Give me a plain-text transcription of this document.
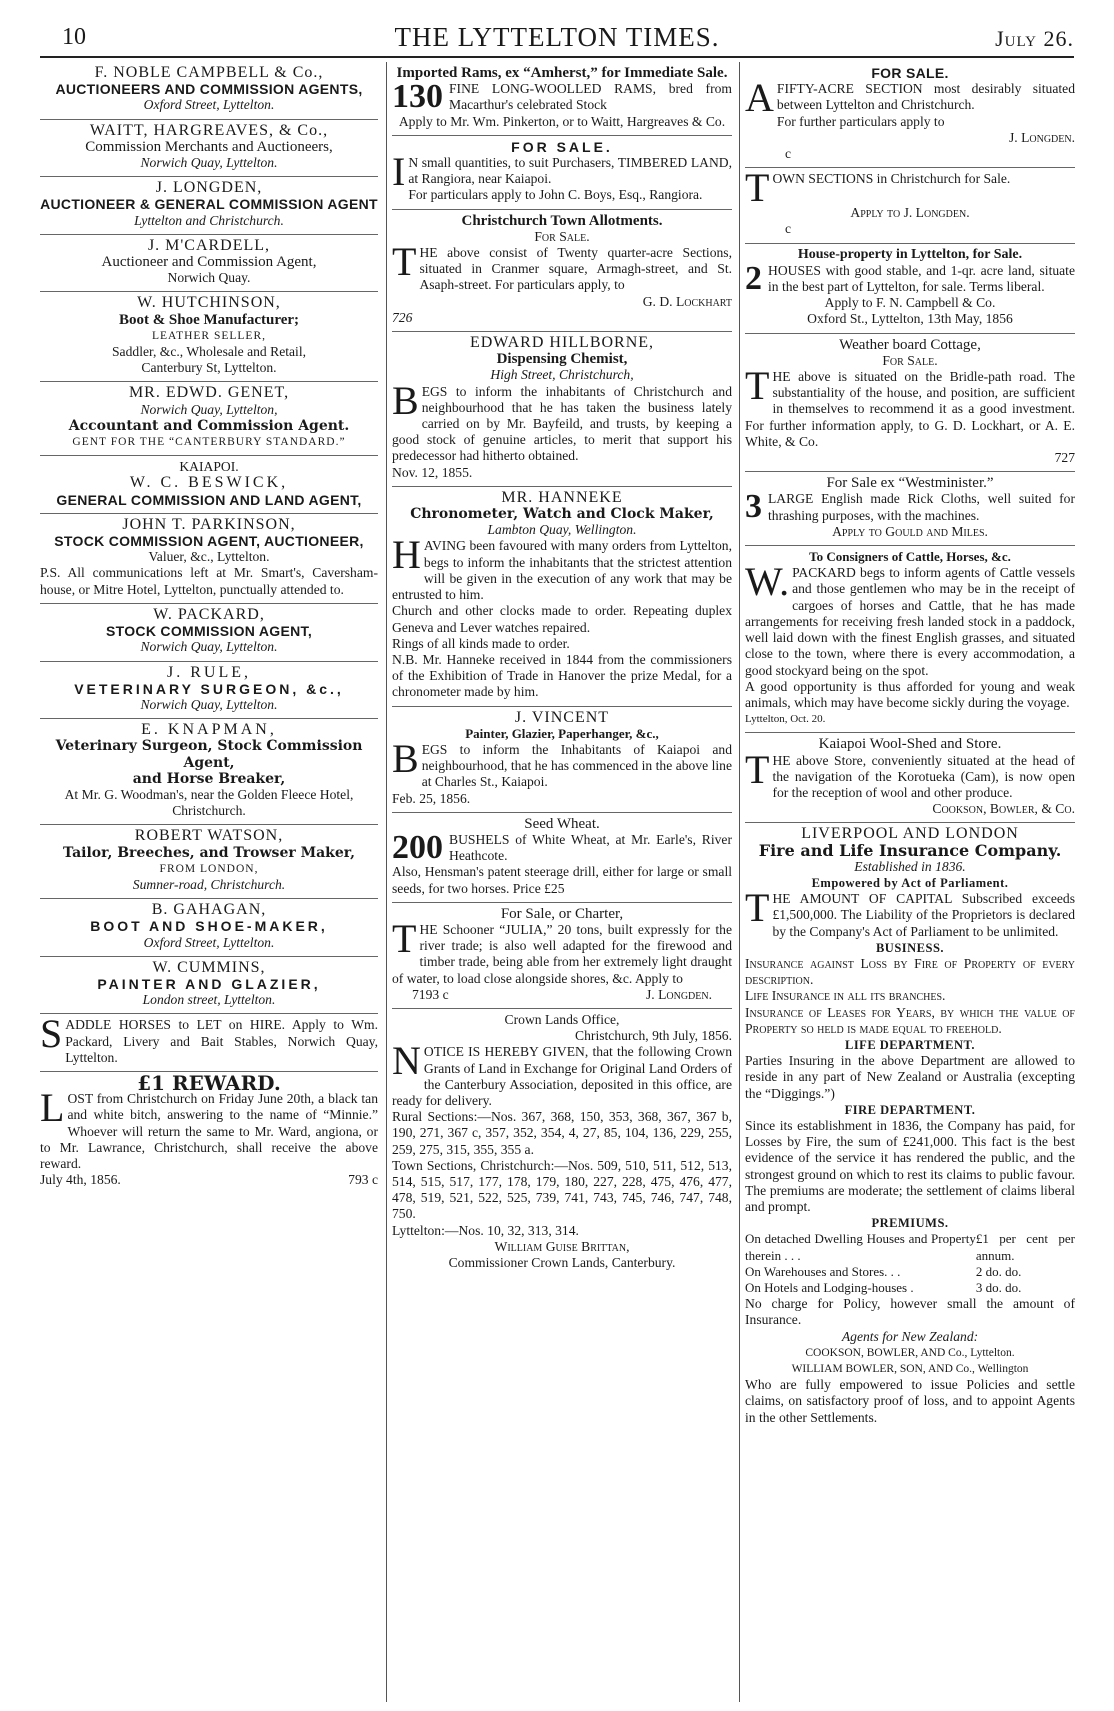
10	THE LYTTELTON TIMES.	July 26.
F. NOBLE CAMPBELL & Co.,
AUCTIONEERS AND COMMISSION AGENTS,
Oxford Street, Lyttelton.
WAITT, HARGREAVES, & Co.,
Commission Merchants and Auctioneers,
Norwich Quay, Lyttelton.
J. LONGDEN,
AUCTIONEER & GENERAL COMMISSION AGENT
Lyttelton and Christchurch.
J. M'CARDELL,
Auctioneer and Commission Agent,
Norwich Quay.
W. HUTCHINSON,
Boot & Shoe Manufacturer;
LEATHER SELLER,
Saddler, &c., Wholesale and Retail,
Canterbury St, Lyttelton.
MR. EDWD. GENET,
Norwich Quay, Lyttelton,
Accountant and Commission Agent.
GENT FOR THE “CANTERBURY STANDARD.”
KAIAPOI.
W. C. BESWICK,
GENERAL COMMISSION AND LAND AGENT,
JOHN T. PARKINSON,
STOCK COMMISSION AGENT, AUCTIONEER,
Valuer, &c., Lyttelton.

P.S. All communications left at Mr. Smart's, Caversham-house, or Mitre Hotel, Lyttelton, punctually attended to.

W. PACKARD,
STOCK COMMISSION AGENT,
Norwich Quay, Lyttelton.
J. RULE,
VETERINARY SURGEON, &c.,
Norwich Quay, Lyttelton.
E. KNAPMAN,
Veterinary Surgeon, Stock Commission Agent,
and Horse Breaker,
At Mr. G. Woodman's, near the Golden Fleece Hotel, Christchurch.
ROBERT WATSON,
Tailor, Breeches, and Trowser Maker,
FROM LONDON,
Sumner-road, Christchurch.
B. GAHAGAN,
BOOT AND SHOE-MAKER,
Oxford Street, Lyttelton.
W. CUMMINS,
PAINTER AND GLAZIER,
London street, Lyttelton.

SADDLE HORSES to LET on HIRE. Apply to Wm. Packard, Livery and Bait Stables, Norwich Quay, Lyttelton.

£1 REWARD.

LOST from Christchurch on Friday June 20th, a black tan and white bitch, answering to the name of “Minnie.” Whoever will return the same to Mr. Ward, angiona, or to Mr. Lawrance, Christchurch, shall receive the above reward.

July 4th, 1856.	793 c
Imported Rams, ex “Amherst,” for Immediate Sale.

130 FINE LONG-WOOLLED RAMS, bred from Macarthur's celebrated Stock

Apply to Mr. Wm. Pinkerton, or to Waitt, Hargreaves & Co.

FOR SALE.

IN small quantities, to suit Purchasers, TIMBERED LAND, at Rangiora, near Kaiapoi.

For particulars apply to John C. Boys, Esq., Rangiora.

Christchurch Town Allotments.
For Sale.

THE above consist of Twenty quarter-acre Sections, situated in Cranmer square, Armagh-street, and St. Asaph-street. For particulars apply, to

G. D. Lockhart
726
EDWARD HILLBORNE,
Dispensing Chemist,
High Street, Christchurch,

BEGS to inform the inhabitants of Christchurch and neighbourhood that he has taken the business lately carried on by Mr. Bayfeild, and trusts, by keeping a good stock of genuine articles, to merit that support his predecessor had hitherto obtained.

Nov. 12, 1855.
MR. HANNEKE
Chronometer, Watch and Clock Maker,
Lambton Quay, Wellington.

HAVING been favoured with many orders from Lyttelton, begs to inform the inhabitants that the strictest attention will be given in the execution of any work that may be entrusted to him.

Church and other clocks made to order. Repeating duplex Geneva and Lever watches repaired.

Rings of all kinds made to order.

N.B. Mr. Hanneke received in 1844 from the commissioners of the Exhibition of Trade in Hanover the prize Medal, for a chronometer made by him.

J. VINCENT
Painter, Glazier, Paperhanger, &c.,

BEGS to inform the Inhabitants of Kaiapoi and neighbourhood, that he has commenced in the above line at Charles St., Kaiapoi.

Feb. 25, 1856.
Seed Wheat.

200 BUSHELS of White Wheat, at Mr. Earle's, River Heathcote.

Also, Hensman's patent steerage drill, either for large or small seeds, for two horses. Price £25

For Sale, or Charter,

THE Schooner “JULIA,” 20 tons, built expressly for the river trade; is also well adapted for the firewood and timber trade, being able from her extremely light draught of water, to load close alongside shores, &c. Apply to

7193 c	J. Longden.
Crown Lands Office,
Christchurch, 9th July, 1856.

NOTICE IS HEREBY GIVEN, that the following Crown Grants of Land in Exchange for Original Land Orders of the Canterbury Association, deposited in this office, are ready for delivery.

Rural Sections:—Nos. 367, 368, 150, 353, 368, 367, 367 b, 190, 271, 367 c, 357, 352, 354, 4, 27, 85, 104, 136, 229, 255, 259, 275, 315, 355, 355 a.

Town Sections, Christchurch:—Nos. 509, 510, 511, 512, 513, 514, 515, 517, 177, 178, 179, 180, 227, 228, 475, 476, 477, 478, 519, 521, 522, 525, 739, 741, 743, 745, 746, 747, 748, 750.

Lyttelton:—Nos. 10, 32, 313, 314.

William Guise Brittan,
Commissioner Crown Lands, Canterbury.
FOR SALE.

AFIFTY-ACRE SECTION most desirably situated between Lyttelton and Christchurch.

For further particulars apply to

J. Longden.
c

TOWN SECTIONS in Christchurch for Sale.

Apply to J. Longden.
c
House-property in Lyttelton, for Sale.

2 HOUSES with good stable, and 1-qr. acre land, situate in the best part of Lyttelton, for sale. Terms liberal.

Apply to F. N. Campbell & Co.
Oxford St., Lyttelton, 13th May, 1856
Weather board Cottage,
For Sale.

THE above is situated on the Bridle-path road. The substantiality of the house, and position, are sufficient in themselves to recommend it as a good investment. For further information apply, to G. D. Lockhart, or A. E. White, & Co.

727
For Sale ex “Westminister.”

3 LARGE English made Rick Cloths, well suited for thrashing purposes, with the machines.

Apply to Gould and Miles.
To Consigners of Cattle, Horses, &c.

W.PACKARD begs to inform agents of Cattle vessels and those gentlemen who may be in the receipt of cargoes of horses and Cattle, that he has made arrangements for receiving fresh landed stock in a paddock, well laid down with the finest English grasses, and situated close to the town, where there is every accommodation, a good stockyard being on the spot.

A good opportunity is thus afforded for young and weak animals, which may have become sickly during the voyage.

Lyttelton, Oct. 20.
Kaiapoi Wool-Shed and Store.

THE above Store, conveniently situated at the head of the navigation of the Korotueka (Cam), is now open for the reception of wool and other produce.

Cookson, Bowler, & Co.
LIVERPOOL AND LONDON
Fire and Life Insurance Company.
Established in 1836.
Empowered by Act of Parliament.

THE AMOUNT OF CAPITAL Subscribed exceeds £1,500,000. The Liability of the Proprietors is declared by the Company's Act of Parliament to be unlimited.

BUSINESS.

Insurance against Loss by Fire of Property of every description.

Life Insurance in all its branches.

Insurance of Leases for Years, by which the value of Property so held is made equal to freehold.

LIFE DEPARTMENT.

Parties Insuring in the above Department are allowed to reside in any part of New Zealand or Australia (excepting the “Diggings.”)

FIRE DEPARTMENT.

Since its establishment in 1836, the Company has paid, for Losses by Fire, the sum of £241,000. This fact is the best evidence of the service it has rendered the public, and the strongest ground on which to rest its claims to public favour. The premiums are moderate; the settlement of claims liberal and prompt.

PREMIUMS.
On detached Dwelling Houses and Property therein . . .	£1 per cent per annum.
On Warehouses and Stores. . .	2 do. do.
On Hotels and Lodging-houses .	3 do. do.

No charge for Policy, however small the amount of Insurance.

Agents for New Zealand:
COOKSON, BOWLER, AND Co., Lyttelton.
WILLIAM BOWLER, SON, AND Co., Wellington

Who are fully empowered to issue Policies and settle claims, on satisfactory proof of loss, and to appoint Agents in the other Settlements.
